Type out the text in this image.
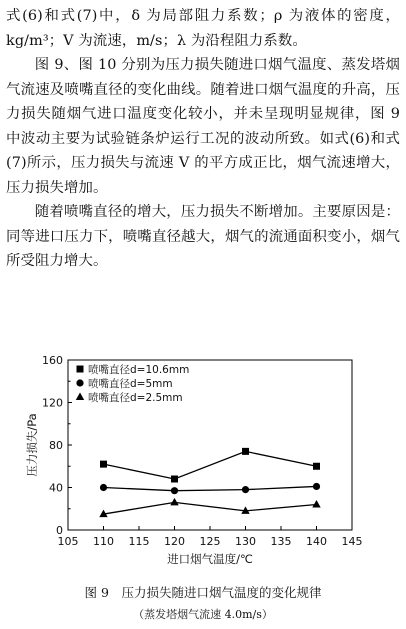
式(6)和式(7)中，δ 为局部阻力系数；ρ 为液体的密度，kg/m³；V 为流速，m/s；λ 为沿程阻力系数。

图 9、图 10 分别为压力损失随进口烟气温度、蒸发塔烟气流速及喷嘴直径的变化曲线。随着进口烟气温度的升高，压力损失随烟气进口温度变化较小，并未呈现明显规律，图 9 中波动主要为试验链条炉运行工况的波动所致。如式(6)和式(7)所示，压力损失与流速 V 的平方成正比，烟气流速增大，压力损失增加。

随着喷嘴直径的增大，压力损失不断增加。主要原因是：同等进口压力下，喷嘴直径越大，烟气的流通面积变小，烟气所受阻力增大。

105 110 115 120 125 130 135 140 145
0
40
80
120
160
进口烟气温度/℃
压力损失/Pa
喷嘴直径d=10.6mm
喷嘴直径d=5mm
喷嘴直径d=2.5mm
图 9　压力损失随进口烟气温度的变化规律
（蒸发塔烟气流速 4.0m/s）
